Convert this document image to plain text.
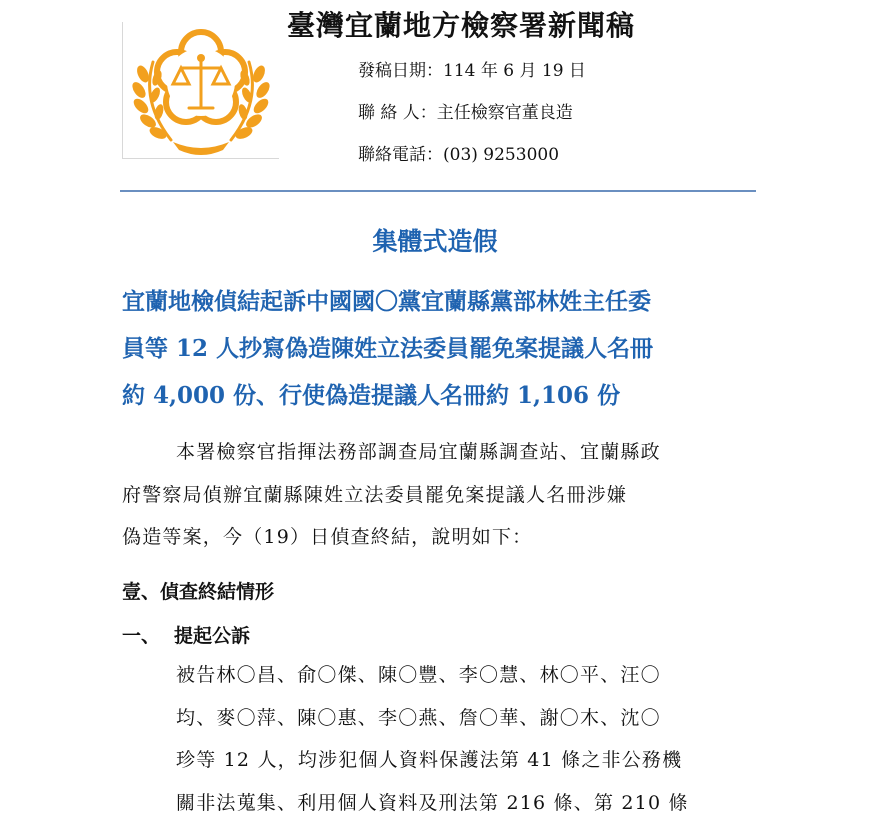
臺灣宜蘭地方檢察署新聞稿
發稿日期：114 年 6 月 19 日
聯 絡 人：主任檢察官董良造
聯絡電話：(03) 9253000
集體式造假
宜蘭地檢偵結起訴中國國〇黨宜蘭縣黨部林姓主任委
員等 12 人抄寫偽造陳姓立法委員罷免案提議人名冊
約 4,000 份、行使偽造提議人名冊約 1,106 份
本署檢察官指揮法務部調查局宜蘭縣調查站、宜蘭縣政
府警察局偵辦宜蘭縣陳姓立法委員罷免案提議人名冊涉嫌
偽造等案，今（19）日偵查終結，說明如下：
壹、偵查終結情形
一、 提起公訴
被告林〇昌、俞〇傑、陳〇豐、李〇慧、林〇平、汪〇
均、麥〇萍、陳〇惠、李〇燕、詹〇華、謝〇木、沈〇
珍等 12 人，均涉犯個人資料保護法第 41 條之非公務機
關非法蒐集、利用個人資料及刑法第 216 條、第 210 條
